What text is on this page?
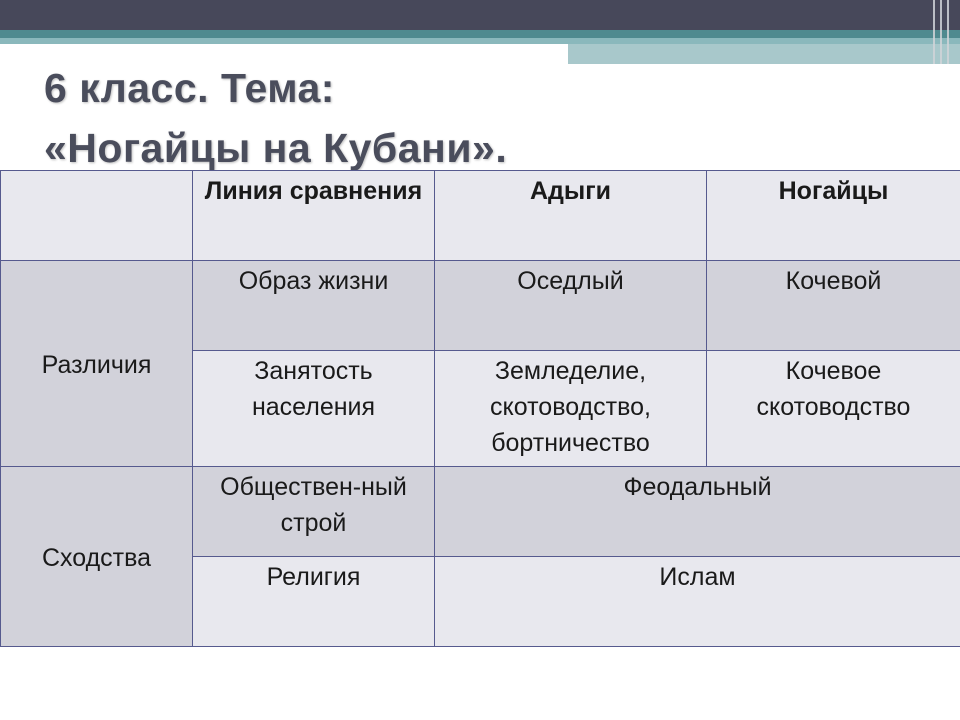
6 класс. Тема:
«Ногайцы на Кубани».
	Линия сравнения	Адыги	Ногайцы
Различия	Образ жизни	Оседлый	Кочевой
	Занятость населения	Земледелие, скотоводство, бортничество	Кочевое скотоводство
Сходства	Обществен-ный строй	Феодальный	
	Религия	Ислам	
